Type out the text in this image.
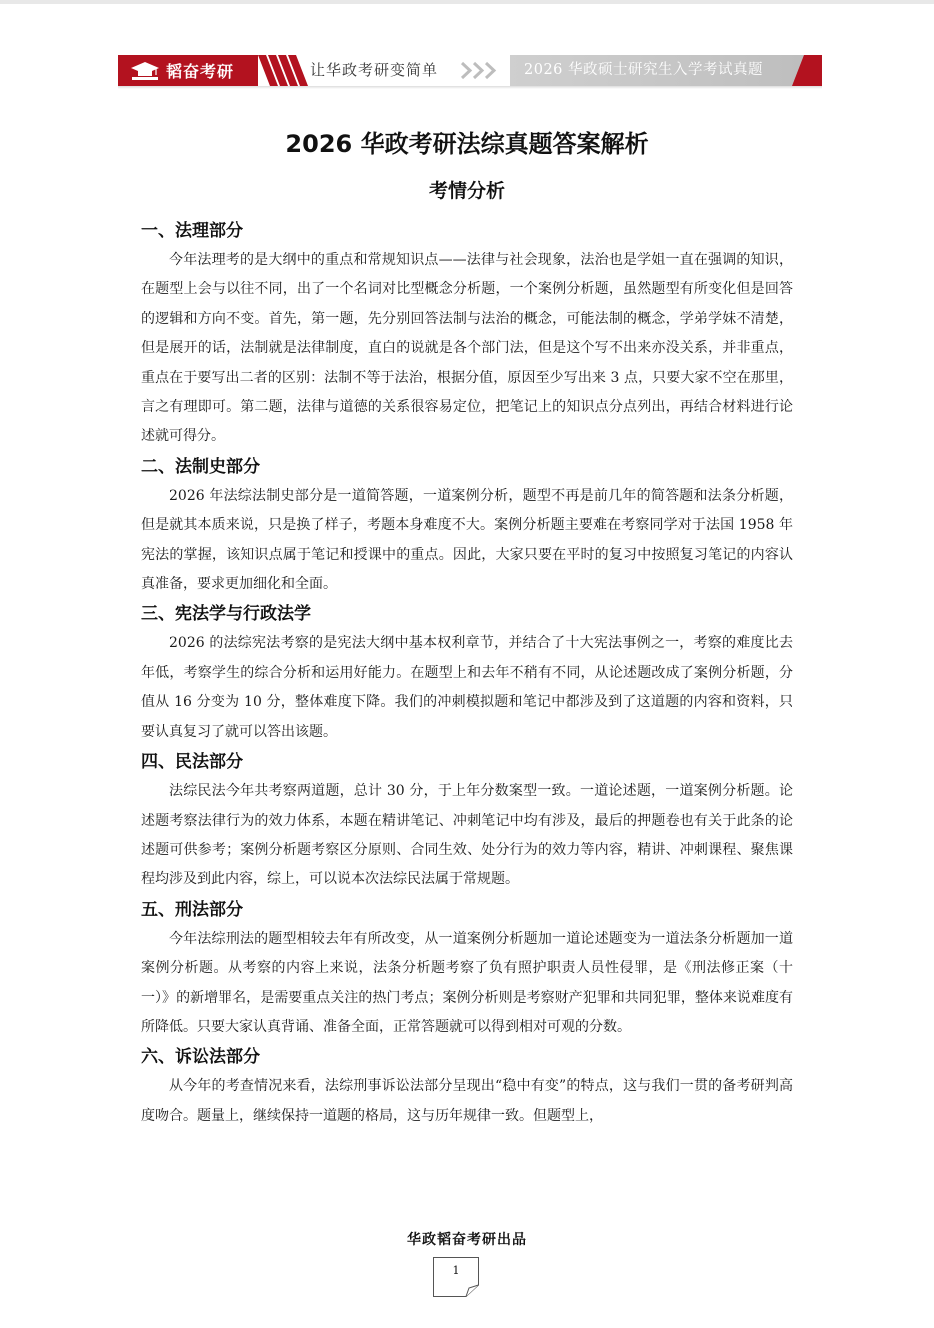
韬奋考研	让华政考研变简单	2026 华政硕士研究生入学考试真题
2026 华政考研法综真题答案解析
考情分析
一、法理部分

今年法理考的是大纲中的重点和常规知识点——法律与社会现象，法治也是学姐一直在强调的知识，在题型上会与以往不同，出了一个名词对比型概念分析题，一个案例分析题，虽然题型有所变化但是回答的逻辑和方向不变。首先，第一题，先分别回答法制与法治的概念，可能法制的概念，学弟学妹不清楚，但是展开的话，法制就是法律制度，直白的说就是各个部门法，但是这个写不出来亦没关系，并非重点，重点在于要写出二者的区别：法制不等于法治，根据分值，原因至少写出来 3 点，只要大家不空在那里，言之有理即可。第二题，法律与道德的关系很容易定位，把笔记上的知识点分点列出，再结合材料进行论述就可得分。

二、法制史部分

2026 年法综法制史部分是一道简答题，一道案例分析，题型不再是前几年的简答题和法条分析题，但是就其本质来说，只是换了样子，考题本身难度不大。案例分析题主要难在考察同学对于法国 1958 年宪法的掌握，该知识点属于笔记和授课中的重点。因此，大家只要在平时的复习中按照复习笔记的内容认真准备，要求更加细化和全面。

三、宪法学与行政法学

2026 的法综宪法考察的是宪法大纲中基本权利章节，并结合了十大宪法事例之一，考察的难度比去年低，考察学生的综合分析和运用好能力。在题型上和去年不稍有不同，从论述题改成了案例分析题，分值从 16 分变为 10 分，整体难度下降。我们的冲刺模拟题和笔记中都涉及到了这道题的内容和资料，只要认真复习了就可以答出该题。

四、民法部分

法综民法今年共考察两道题，总计 30 分，于上年分数案型一致。一道论述题，一道案例分析题。论述题考察法律行为的效力体系，本题在精讲笔记、冲刺笔记中均有涉及，最后的押题卷也有关于此条的论述题可供参考；案例分析题考察区分原则、合同生效、处分行为的效力等内容，精讲、冲刺课程、聚焦课程均涉及到此内容，综上，可以说本次法综民法属于常规题。

五、刑法部分

今年法综刑法的题型相较去年有所改变，从一道案例分析题加一道论述题变为一道法条分析题加一道案例分析题。从考察的内容上来说，法条分析题考察了负有照护职责人员性侵罪，是《刑法修正案（十一）》的新增罪名，是需要重点关注的热门考点；案例分析则是考察财产犯罪和共同犯罪，整体来说难度有所降低。只要大家认真背诵、准备全面，正常答题就可以得到相对可观的分数。

六、诉讼法部分

从今年的考查情况来看，法综刑事诉讼法部分呈现出“稳中有变”的特点，这与我们一贯的备考研判高度吻合。题量上，继续保持一道题的格局，这与历年规律一致。但题型上，

华政韬奋考研出品
1
